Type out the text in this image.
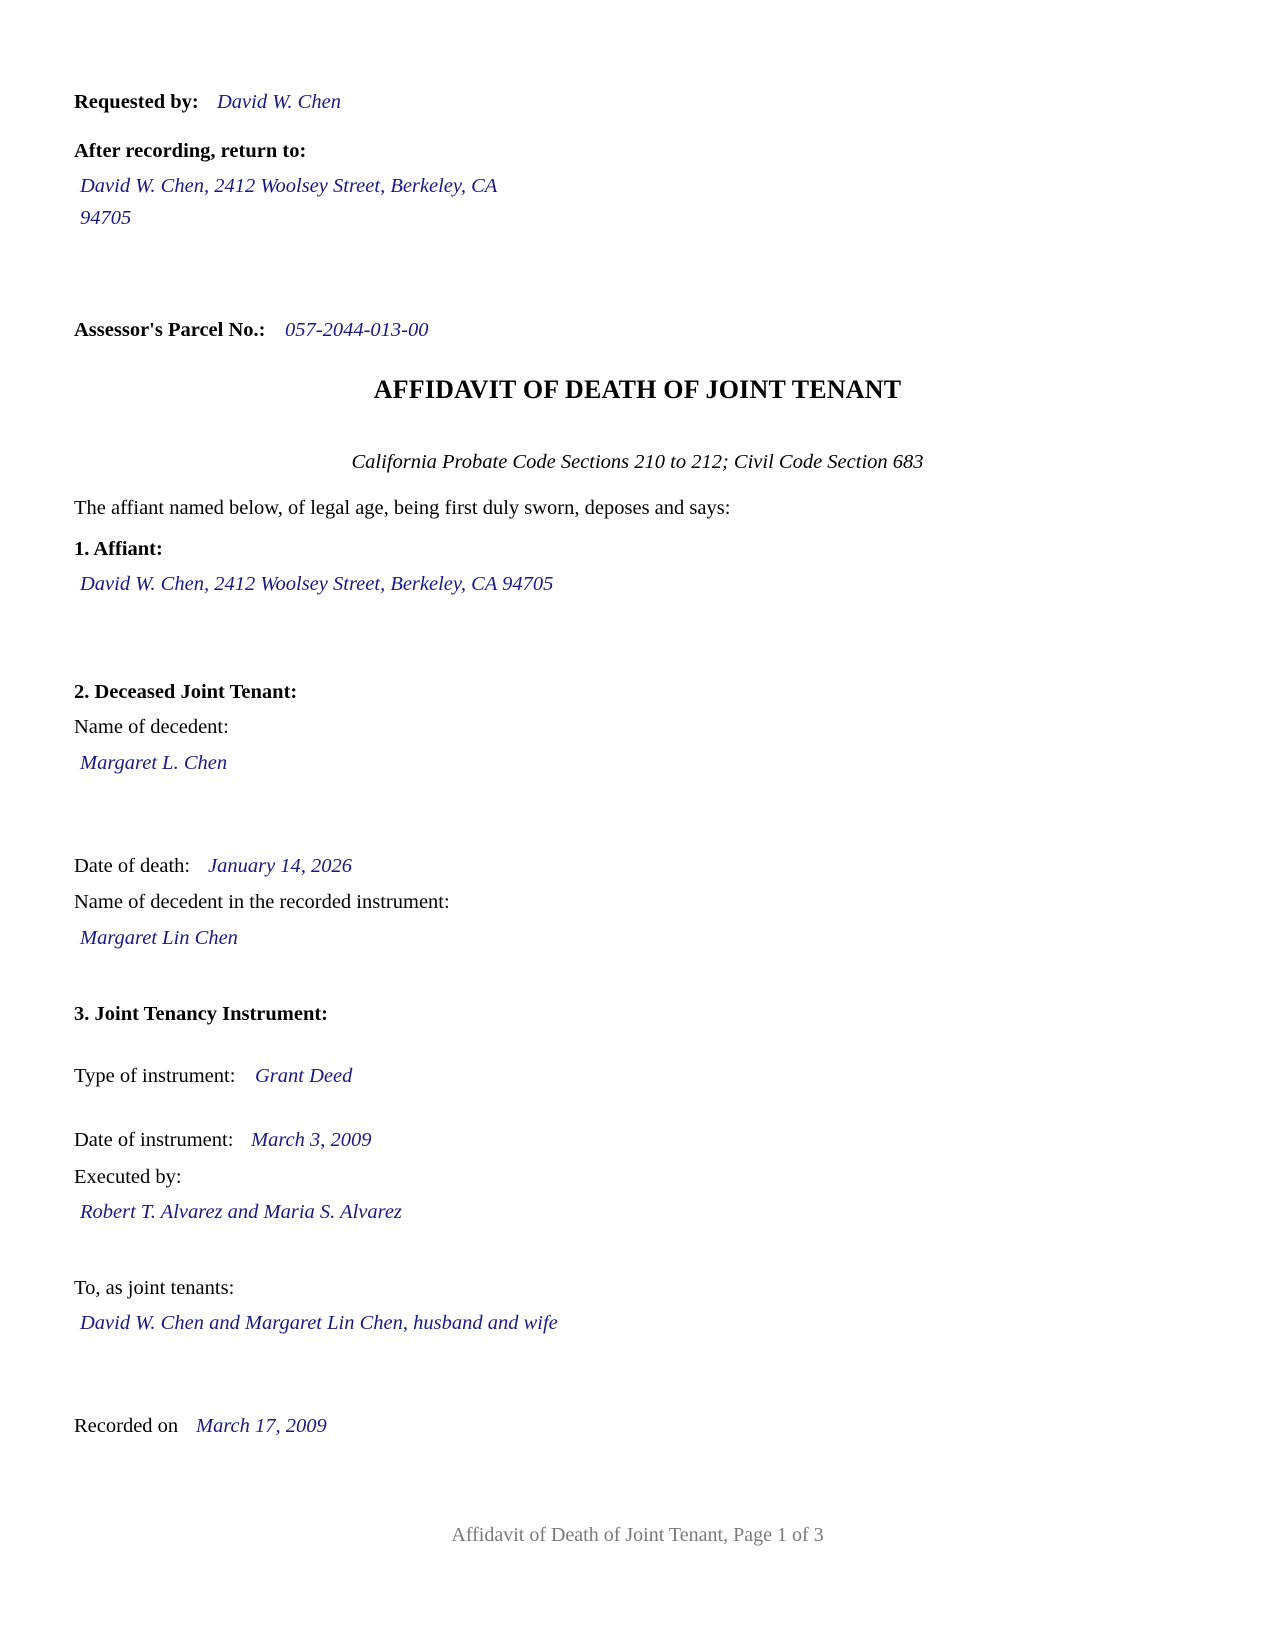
Requested by: David W. Chen
After recording, return to:
David W. Chen, 2412 Woolsey Street, Berkeley, CA
94705
Assessor's Parcel No.: 057-2044-013-00
AFFIDAVIT OF DEATH OF JOINT TENANT
California Probate Code Sections 210 to 212; Civil Code Section 683
The affiant named below, of legal age, being first duly sworn, deposes and says:
1. Affiant:
David W. Chen, 2412 Woolsey Street, Berkeley, CA 94705
2. Deceased Joint Tenant:
Name of decedent:
Margaret L. Chen
Date of death: January 14, 2026
Name of decedent in the recorded instrument:
Margaret Lin Chen
3. Joint Tenancy Instrument:
Type of instrument: Grant Deed
Date of instrument: March 3, 2009
Executed by:
Robert T. Alvarez and Maria S. Alvarez
To, as joint tenants:
David W. Chen and Margaret Lin Chen, husband and wife
Recorded on March 17, 2009
Affidavit of Death of Joint Tenant, Page 1 of 3
